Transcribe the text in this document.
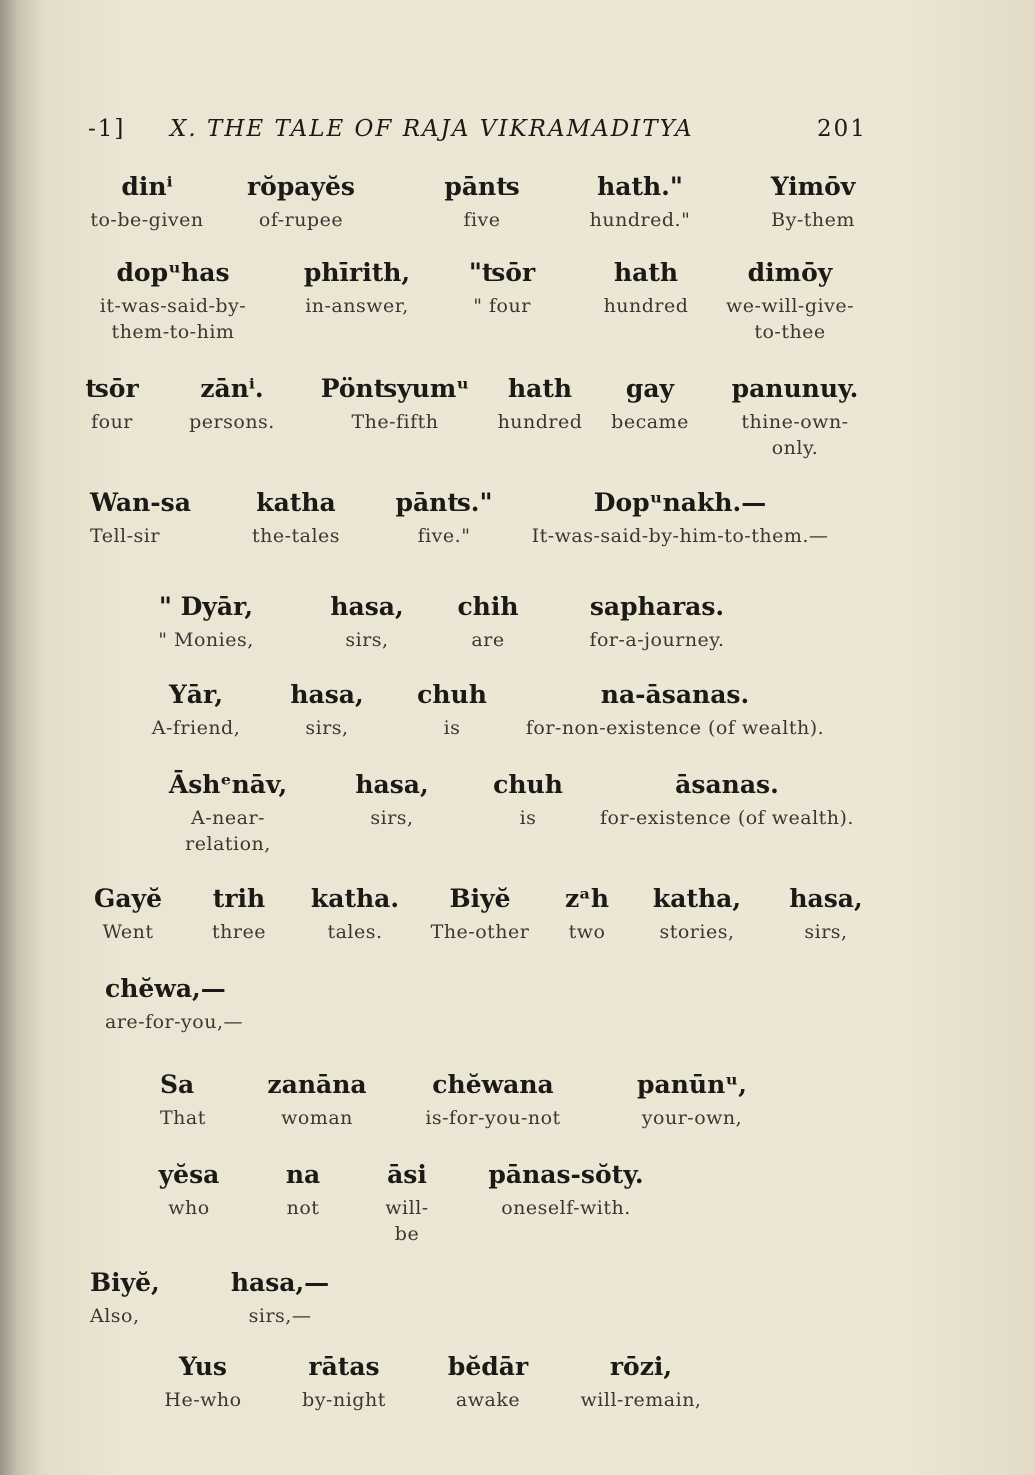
-1] X. THE TALE OF RAJA VIKRAMADITYA	201
dinⁱ
to-be-given
rŏpayĕs
of-rupee
pānʦ
five
hath."
hundred."
Yimōv
By-them
dopᵘhas
it-was-said-by-
them-to-him
phīrith,
in-answer,
"ʦōr
" four
hath
hundred
dimōy
we-will-give-
to-thee
ʦōr
four
zānⁱ.
persons.
Pönʦyumᵘ
The-fifth
hath
hundred
gay
became
panunuy.
thine-own-
only.
Wan-sa
Tell-sir
katha
the-tales
pānʦ."
five."
Dopᵘnakh.—
It-was-said-by-him-to-them.—
" Dyār,
" Monies,
hasa,
sirs,
chih
are
sapharas.
for-a-journey.
Yār,
A-friend,
hasa,
sirs,
chuh
is
na-āsanas.
for-non-existence (of wealth).
Āshᵉnāv,
A-near-
relation,
hasa,
sirs,
chuh
is
āsanas.
for-existence (of wealth).
Gayĕ
Went
trih
three
katha.
tales.
Biyĕ
The-other
zᵃh
two
katha,
stories,
hasa,
sirs,
chĕwa,—
are-for-you,—
Sa
That
zanāna
woman
chĕwana
is-for-you-not
panūnᵘ,
your-own,
yĕsa
who
na
not
āsi
will-
be
pānas-sŏty.
oneself-with.
Biyĕ,
Also,
hasa,—
sirs,—
Yus
He-who
rātas
by-night
bĕdār
awake
rōzi,
will-remain,
